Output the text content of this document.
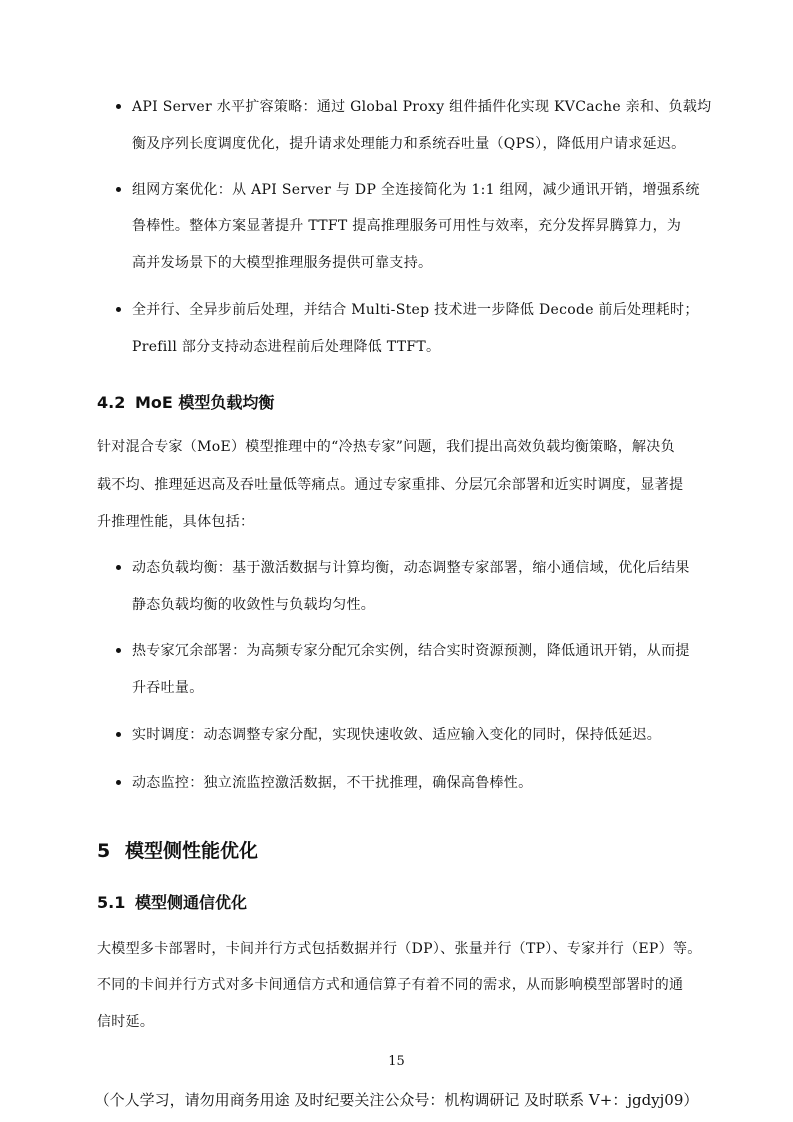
API Server 水平扩容策略：通过 Global Proxy 组件插件化实现 KVCache 亲和、负载均
衡及序列长度调度优化，提升请求处理能力和系统吞吐量（QPS），降低用户请求延迟。
组网方案优化：从 API Server 与 DP 全连接简化为 1:1 组网，减少通讯开销，增强系统
鲁棒性。整体方案显著提升 TTFT 提高推理服务可用性与效率，充分发挥昇腾算力，为
高并发场景下的大模型推理服务提供可靠支持。
全并行、全异步前后处理，并结合 Multi-Step 技术进一步降低 Decode 前后处理耗时；
Prefill 部分支持动态进程前后处理降低 TTFT。
4.2 MoE 模型负载均衡
针对混合专家（MoE）模型推理中的“冷热专家”问题，我们提出高效负载均衡策略，解决负
载不均、推理延迟高及吞吐量低等痛点。通过专家重排、分层冗余部署和近实时调度，显著提
升推理性能，具体包括：
动态负载均衡：基于激活数据与计算均衡，动态调整专家部署，缩小通信域，优化后结果
静态负载均衡的收敛性与负载均匀性。
热专家冗余部署：为高频专家分配冗余实例，结合实时资源预测，降低通讯开销，从而提
升吞吐量。
实时调度：动态调整专家分配，实现快速收敛、适应输入变化的同时，保持低延迟。
动态监控：独立流监控激活数据，不干扰推理，确保高鲁棒性。
5 模型侧性能优化
5.1 模型侧通信优化
大模型多卡部署时，卡间并行方式包括数据并行（DP）、张量并行（TP）、专家并行（EP）等。
不同的卡间并行方式对多卡间通信方式和通信算子有着不同的需求，从而影响模型部署时的通
信时延。
15
（个人学习，请勿用商务用途 及时纪要关注公众号：机构调研记 及时联系 V+：jgdyj09）
